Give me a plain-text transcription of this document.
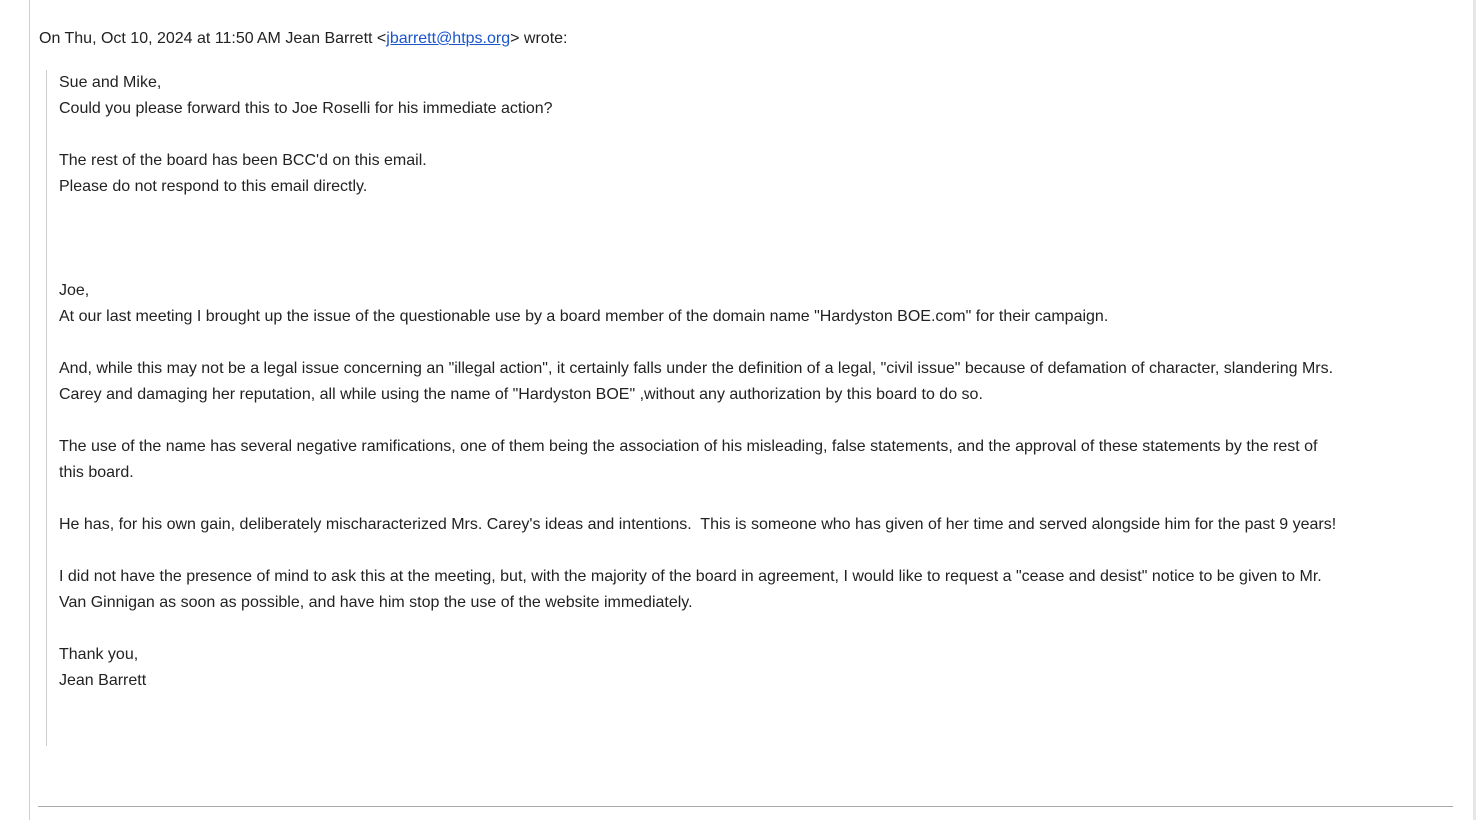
On Thu, Oct 10, 2024 at 11:50 AM Jean Barrett <jbarrett@htps.org> wrote:
Sue and Mike,
Could you please forward this to Joe Roselli for his immediate action?
The rest of the board has been BCC'd on this email.
Please do not respond to this email directly.
Joe,
At our last meeting I brought up the issue of the questionable use by a board member of the domain name "Hardyston BOE.com" for their campaign.
And, while this may not be a legal issue concerning an "illegal action", it certainly falls under the definition of a legal, "civil issue" because of defamation of character, slandering Mrs.
Carey and damaging her reputation, all while using the name of "Hardyston BOE" ,without any authorization by this board to do so.
The use of the name has several negative ramifications, one of them being the association of his misleading, false statements, and the approval of these statements by the rest of
this board.
He has, for his own gain, deliberately mischaracterized Mrs. Carey's ideas and intentions.  This is someone who has given of her time and served alongside him for the past 9 years!
I did not have the presence of mind to ask this at the meeting, but, with the majority of the board in agreement, I would like to request a "cease and desist" notice to be given to Mr.
Van Ginnigan as soon as possible, and have him stop the use of the website immediately.
Thank you,
Jean Barrett
